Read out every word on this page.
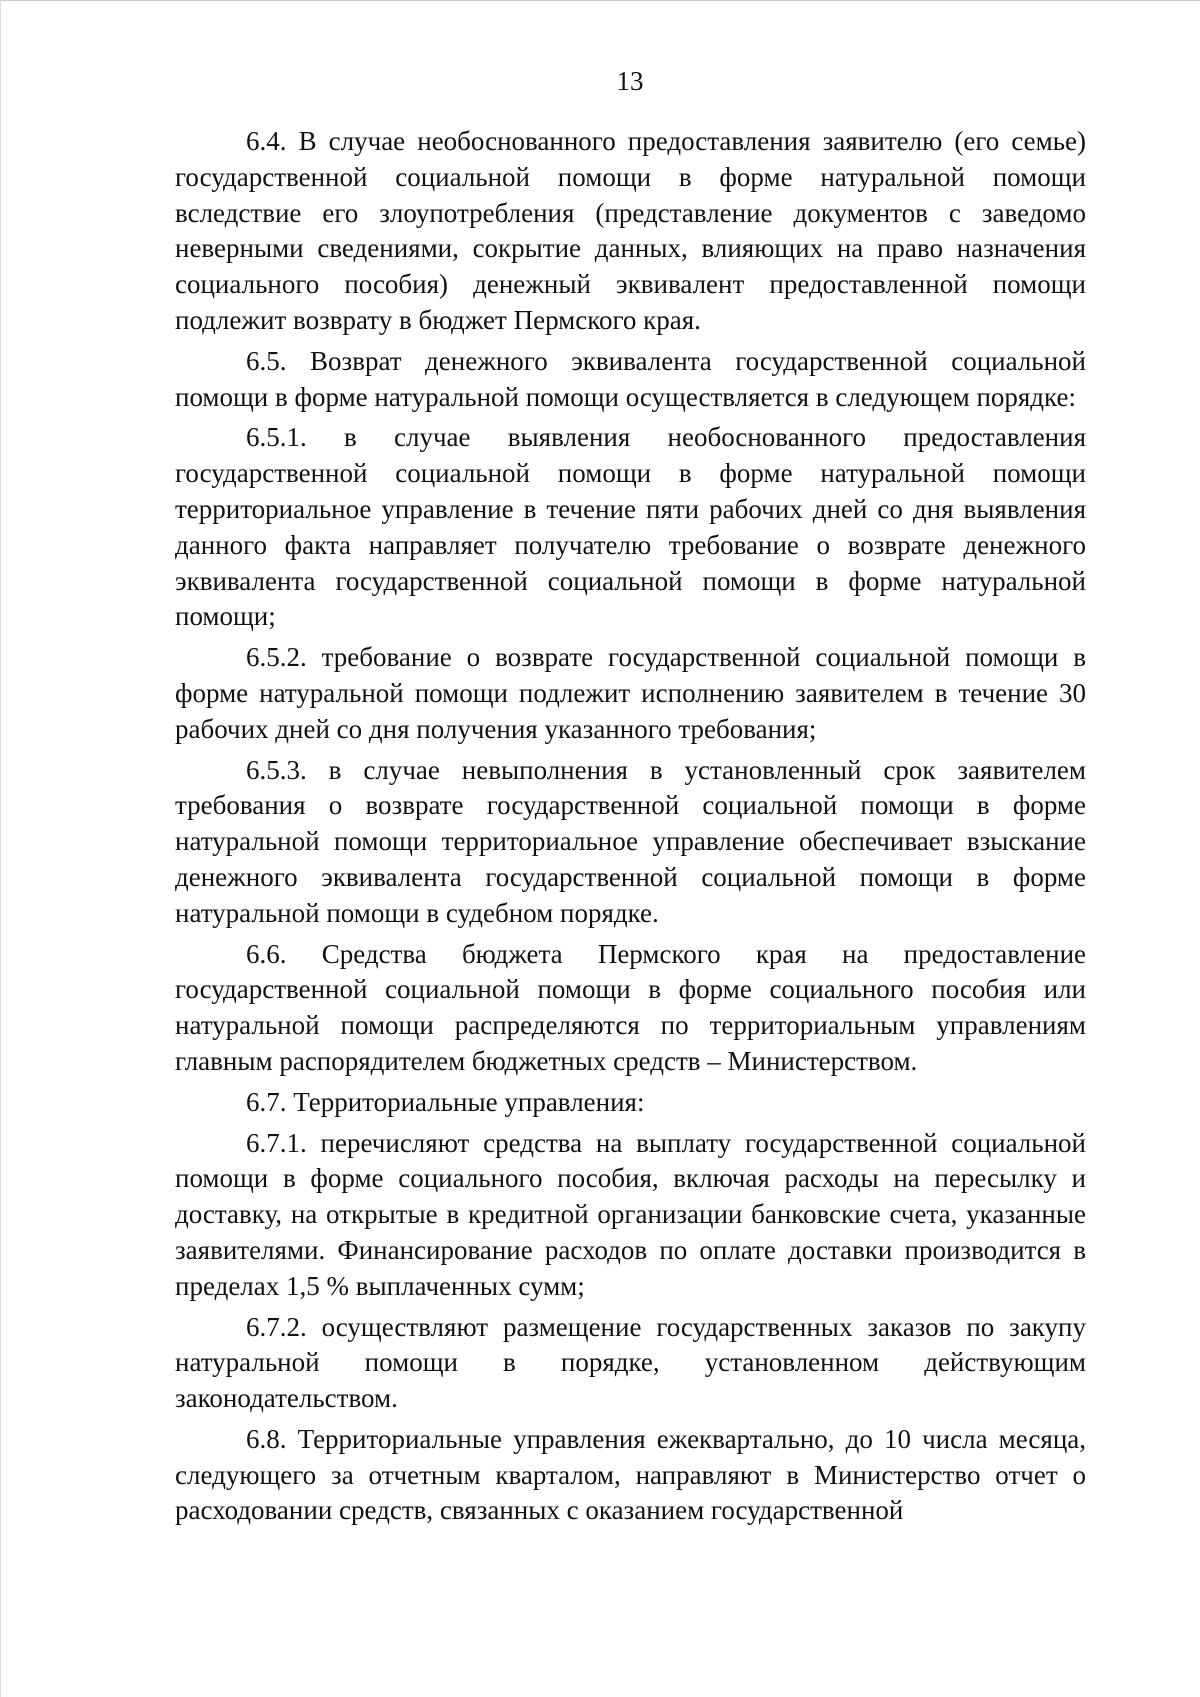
13

6.4. В случае необоснованного предоставления заявителю (его семье) государственной социальной помощи в форме натуральной помощи вследствие его злоупотребления (представление документов с заведомо неверными сведениями, сокрытие данных, влияющих на право назначения социального пособия) денежный эквивалент предоставленной помощи подлежит возврату в бюджет Пермского края.

6.5. Возврат денежного эквивалента государственной социальной помощи в форме натуральной помощи осуществляется в следующем порядке:

6.5.1. в случае выявления необоснованного предоставления государственной социальной помощи в форме натуральной помощи территориальное управление в течение пяти рабочих дней со дня выявления данного факта направляет получателю требование о возврате денежного эквивалента государственной социальной помощи в форме натуральной помощи;

6.5.2. требование о возврате государственной социальной помощи в форме натуральной помощи подлежит исполнению заявителем в течение 30 рабочих дней со дня получения указанного требования;

6.5.3. в случае невыполнения в установленный срок заявителем требования о возврате государственной социальной помощи в форме натуральной помощи территориальное управление обеспечивает взыскание денежного эквивалента государственной социальной помощи в форме натуральной помощи в судебном порядке.

6.6. Средства бюджета Пермского края на предоставление государственной социальной помощи в форме социального пособия или натуральной помощи распределяются по территориальным управлениям главным распорядителем бюджетных средств – Министерством.

6.7. Территориальные управления:

6.7.1. перечисляют средства на выплату государственной социальной помощи в форме социального пособия, включая расходы на пересылку и доставку, на открытые в кредитной организации банковские счета, указанные заявителями. Финансирование расходов по оплате доставки производится в пределах 1,5 % выплаченных сумм;

6.7.2. осуществляют размещение государственных заказов по закупу натуральной помощи в порядке, установленном действующим законодательством.

6.8. Территориальные управления ежеквартально, до 10 числа месяца, следующего за отчетным кварталом, направляют в Министерство отчет о расходовании средств, связанных с оказанием государственной
